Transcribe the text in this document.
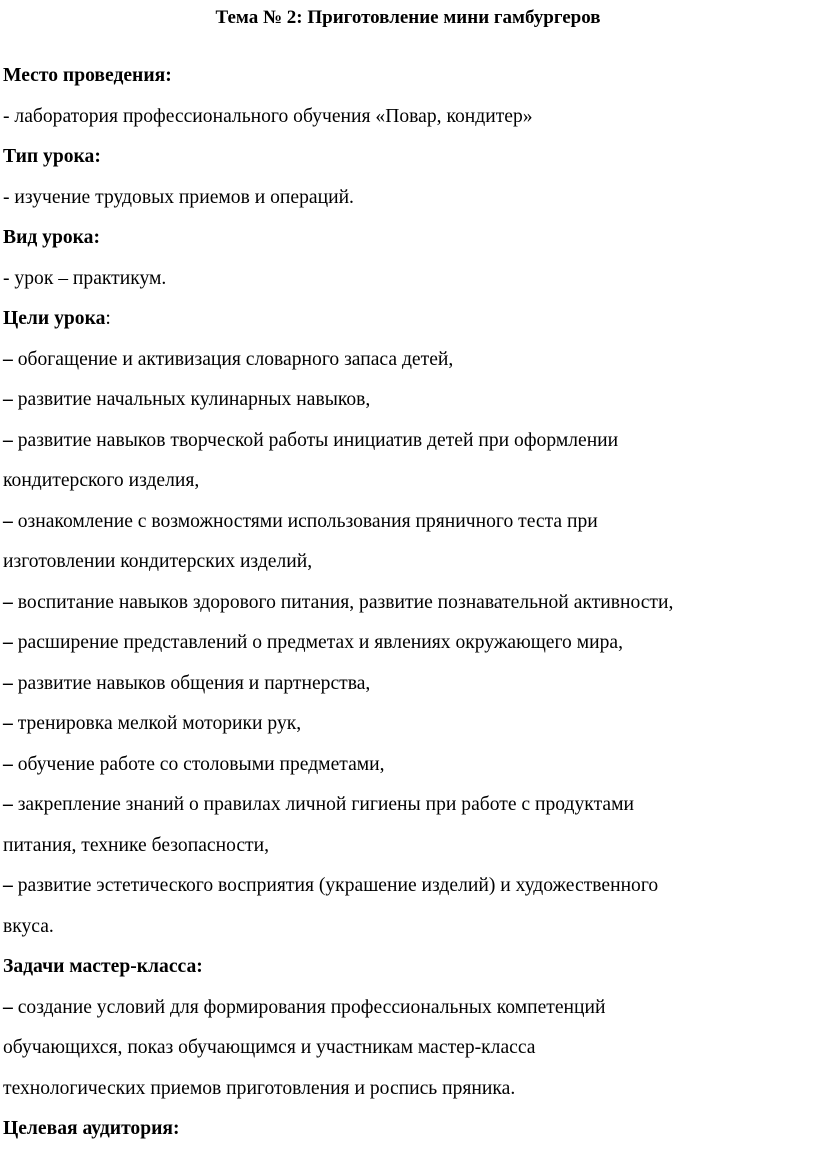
Тема № 2: Приготовление мини гамбургеров

Место проведения:

- лаборатория профессионального обучения «Повар, кондитер»

Тип урока:

- изучение трудовых приемов и операций.

Вид урока:

- урок – практикум.

Цели урока:

– обогащение и активизация словарного запаса детей,

– развитие начальных кулинарных навыков,

– развитие навыков творческой работы инициатив детей при оформлении

кондитерского изделия,

– ознакомление с возможностями использования пряничного теста при

изготовлении кондитерских изделий,

– воспитание навыков здорового питания, развитие познавательной активности,

– расширение представлений о предметах и явлениях окружающего мира,

– развитие навыков общения и партнерства,

– тренировка мелкой моторики рук,

– обучение работе со столовыми предметами,

– закрепление знаний о правилах личной гигиены при работе с продуктами

питания, технике безопасности,

– развитие эстетического восприятия (украшение изделий) и художественного

вкуса.

Задачи мастер-класса:

– создание условий для формирования профессиональных компетенций

обучающихся, показ обучающимся и участникам мастер-класса

технологических приемов приготовления и роспись пряника.

Целевая аудитория:
